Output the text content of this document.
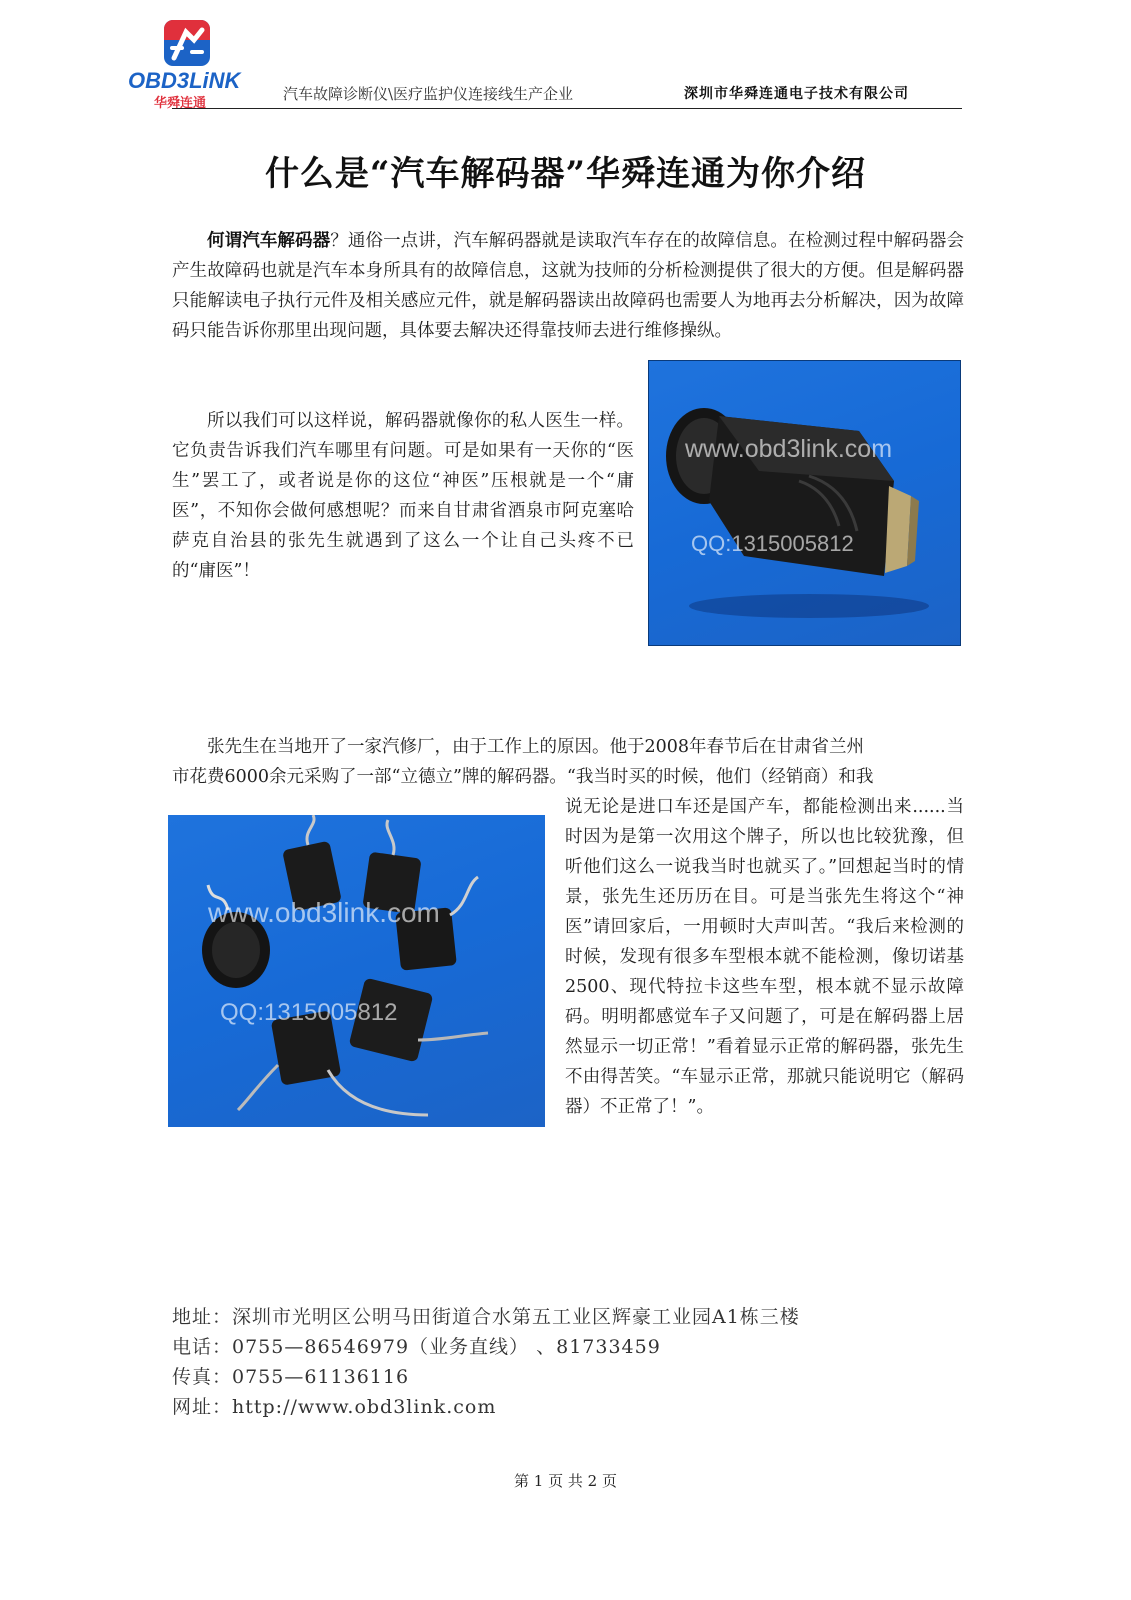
OBD3LiNK
华舜连通
汽车故障诊断仪\医疗监护仪连接线生产企业	深圳市华舜连通电子技术有限公司
什么是“汽车解码器”华舜连通为你介绍

何谓汽车解码器？通俗一点讲，汽车解码器就是读取汽车存在的故障信息。在检测过程中解码器会产生故障码也就是汽车本身所具有的故障信息，这就为技师的分析检测提供了很大的方便。但是解码器只能解读电子执行元件及相关感应元件，就是解码器读出故障码也需要人为地再去分析解决，因为故障码只能告诉你那里出现问题，具体要去解决还得靠技师去进行维修操纵。

www.obd3link.com
QQ:1315005812

所以我们可以这样说，解码器就像你的私人医生一样。它负责告诉我们汽车哪里有问题。可是如果有一天你的“医生”罢工了，或者说是你的这位“神医”压根就是一个“庸医”，不知你会做何感想呢？而来自甘肃省酒泉市阿克塞哈萨克自治县的张先生就遇到了这么一个让自己头疼不已的“庸医”！

张先生在当地开了一家汽修厂，由于工作上的原因。他于2008年春节后在甘肃省兰州
市花费6000余元采购了一部“立德立”牌的解码器。“我当时买的时候，他们（经销商）和我
www.obd3link.com
QQ:1315005812

说无论是进口车还是国产车，都能检测出来......当时因为是第一次用这个牌子，所以也比较犹豫，但听他们这么一说我当时也就买了。”回想起当时的情景，张先生还历历在目。可是当张先生将这个“神医”请回家后，一用顿时大声叫苦。“我后来检测的时候，发现有很多车型根本就不能检测，像切诺基2500、现代特拉卡这些车型，根本就不显示故障码。明明都感觉车子又问题了，可是在解码器上居然显示一切正常！”看着显示正常的解码器，张先生不由得苦笑。“车显示正常，那就只能说明它（解码器）不正常了！”。

地址：深圳市光明区公明马田街道合水第五工业区辉豪工业园A1栋三楼
电话：0755—86546979（业务直线） 、81733459
传真：0755—61136116
网址：http://www.obd3link.com
第 1 页 共 2 页
